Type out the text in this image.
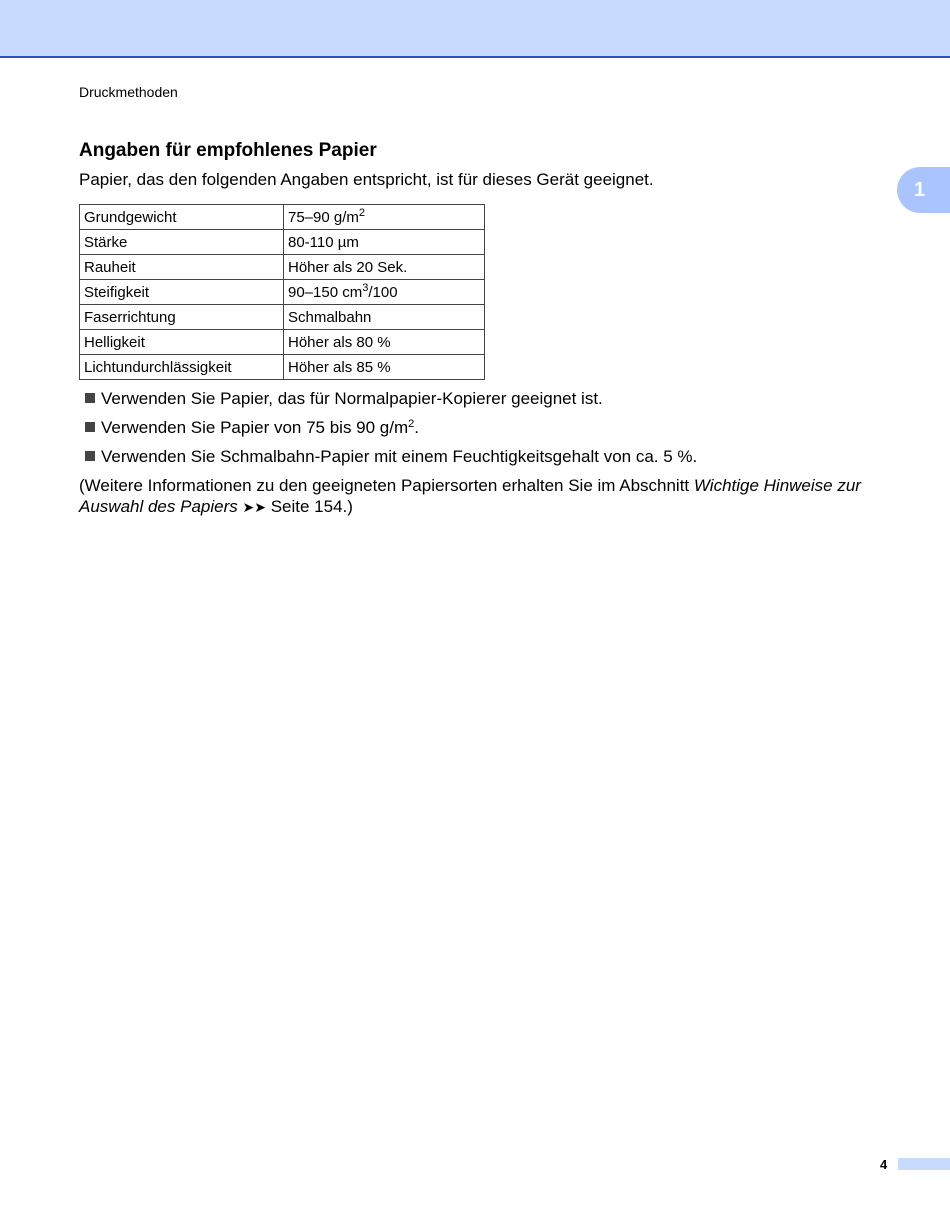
Druckmethoden
1
Angaben für empfohlenes Papier

Papier, das den folgenden Angaben entspricht, ist für dieses Gerät geeignet.

Grundgewicht	75–90 $g/m^2$
Stärke	80-110 µm
Rauheit	Höher als 20 Sek.
Steifigkeit	90–150 $cm^3/100$
Faserrichtung	Schmalbahn
Helligkeit	Höher als 80 %
Lichtundurchlässigkeit	Höher als 85 %
Verwenden Sie Papier, das für Normalpapier-Kopierer geeignet ist.
Verwenden Sie Papier von 75 bis 90 $g/m^2$.
Verwenden Sie Schmalbahn-Papier mit einem Feuchtigkeitsgehalt von ca. 5 %.

(Weitere Informationen zu den geeigneten Papiersorten erhalten Sie im Abschnitt Wichtige Hinweise zur Auswahl des Papiers ➤➤ Seite 154.)

4
